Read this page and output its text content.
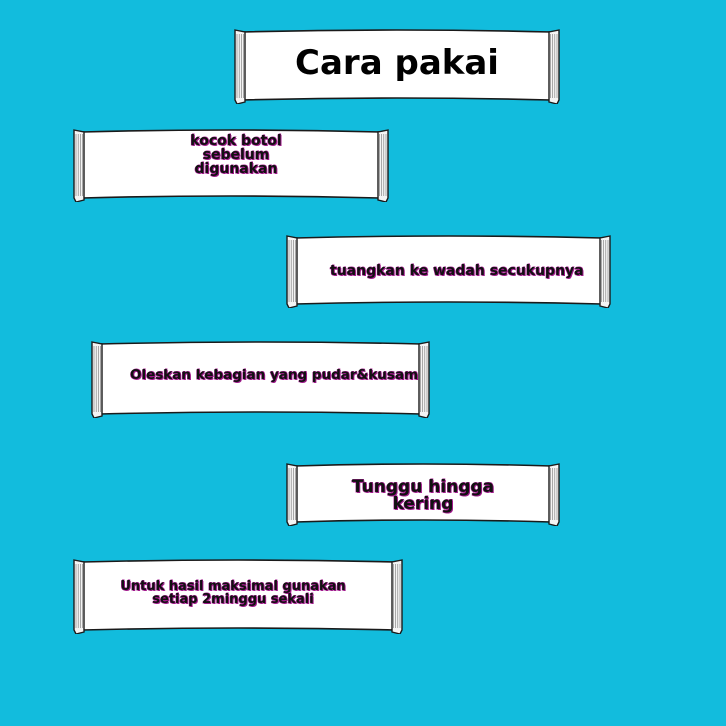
Cara pakai
kocok botol sebelum digunakan
tuangkan ke wadah secukupnya
Oleskan kebagian yang pudar&kusam
Tunggu hingga kering
Untuk hasil maksimal gunakan setiap 2minggu sekali
